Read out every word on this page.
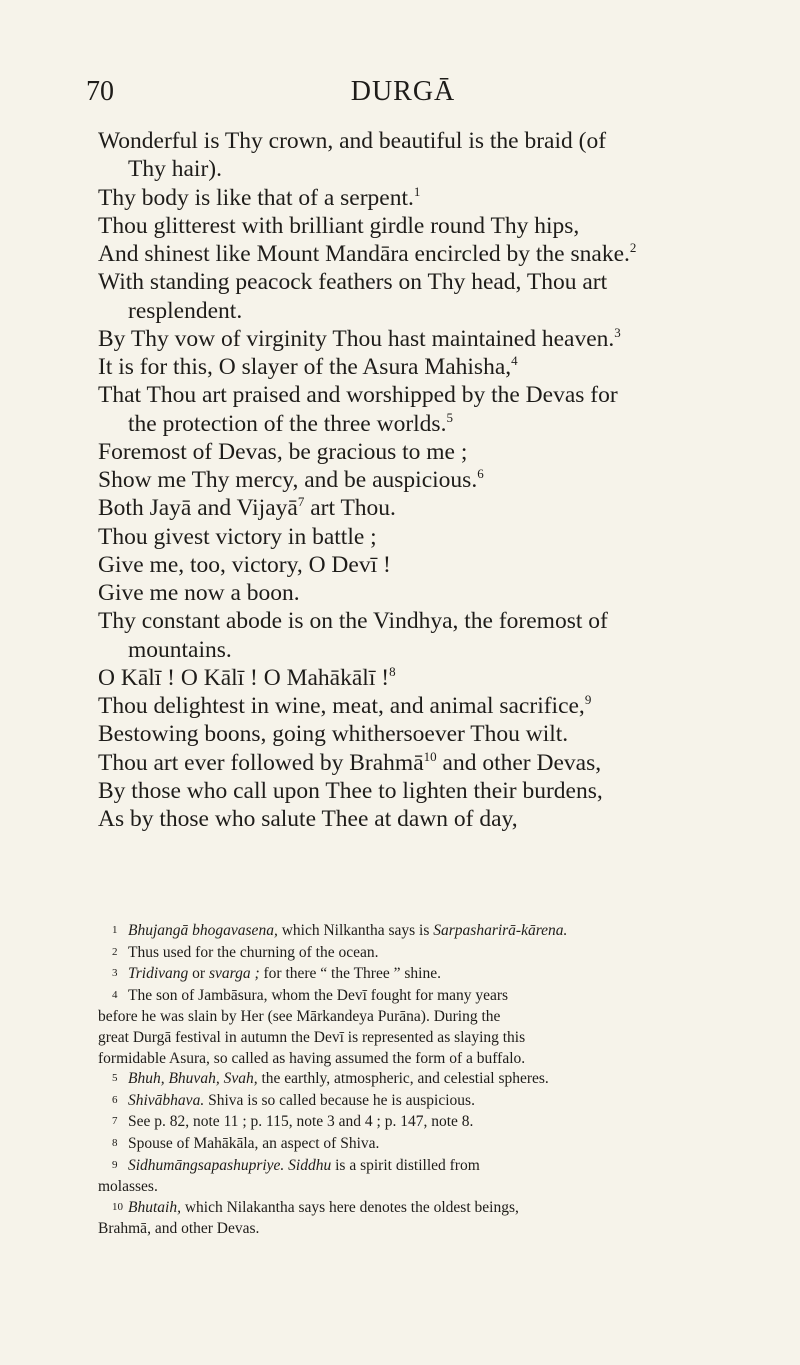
70	DURGĀ
Wonderful is Thy crown, and beautiful is the braid (of
Thy hair).
Thy body is like that of a serpent.$^1$
Thou glitterest with brilliant girdle round Thy hips,
And shinest like Mount Mandāra encircled by the snake.$^2$
With standing peacock feathers on Thy head, Thou art
resplendent.
By Thy vow of virginity Thou hast maintained heaven.$^3$
It is for this, O slayer of the Asura Mahisha,$^4$
That Thou art praised and worshipped by the Devas for
the protection of the three worlds.$^5$
Foremost of Devas, be gracious to me ;
Show me Thy mercy, and be auspicious.$^6$
Both Jayā and Vijayā$^7$ art Thou.
Thou givest victory in battle ;
Give me, too, victory, O Devī !
Give me now a boon.
Thy constant abode is on the Vindhya, the foremost of
mountains.
O Kālī ! O Kālī ! O Mahākālī !$^8$
Thou delightest in wine, meat, and animal sacrifice,$^9$
Bestowing boons, going whithersoever Thou wilt.
Thou art ever followed by Brahmā$^{10}$ and other Devas,
By those who call upon Thee to lighten their burdens,
As by those who salute Thee at dawn of day,
1 Bhujangā bhogavasena, which Nilkantha says is Sarpasharirā-kārena.
2 Thus used for the churning of the ocean.
3 Tridivang or svarga ; for there “ the Three ” shine.
4 The son of Jambāsura, whom the Devī fought for many years
before he was slain by Her (see Mārkandeya Purāna). During the
great Durgā festival in autumn the Devī is represented as slaying this
formidable Asura, so called as having assumed the form of a buffalo.
5 Bhuh, Bhuvah, Svah, the earthly, atmospheric, and celestial spheres.
6 Shivābhava. Shiva is so called because he is auspicious.
7 See p. 82, note 11 ; p. 115, note 3 and 4 ; p. 147, note 8.
8 Spouse of Mahākāla, an aspect of Shiva.
9 Sidhumāngsapashupriye. Siddhu is a spirit distilled from
molasses.
10 Bhutaih, which Nilakantha says here denotes the oldest beings,
Brahmā, and other Devas.
